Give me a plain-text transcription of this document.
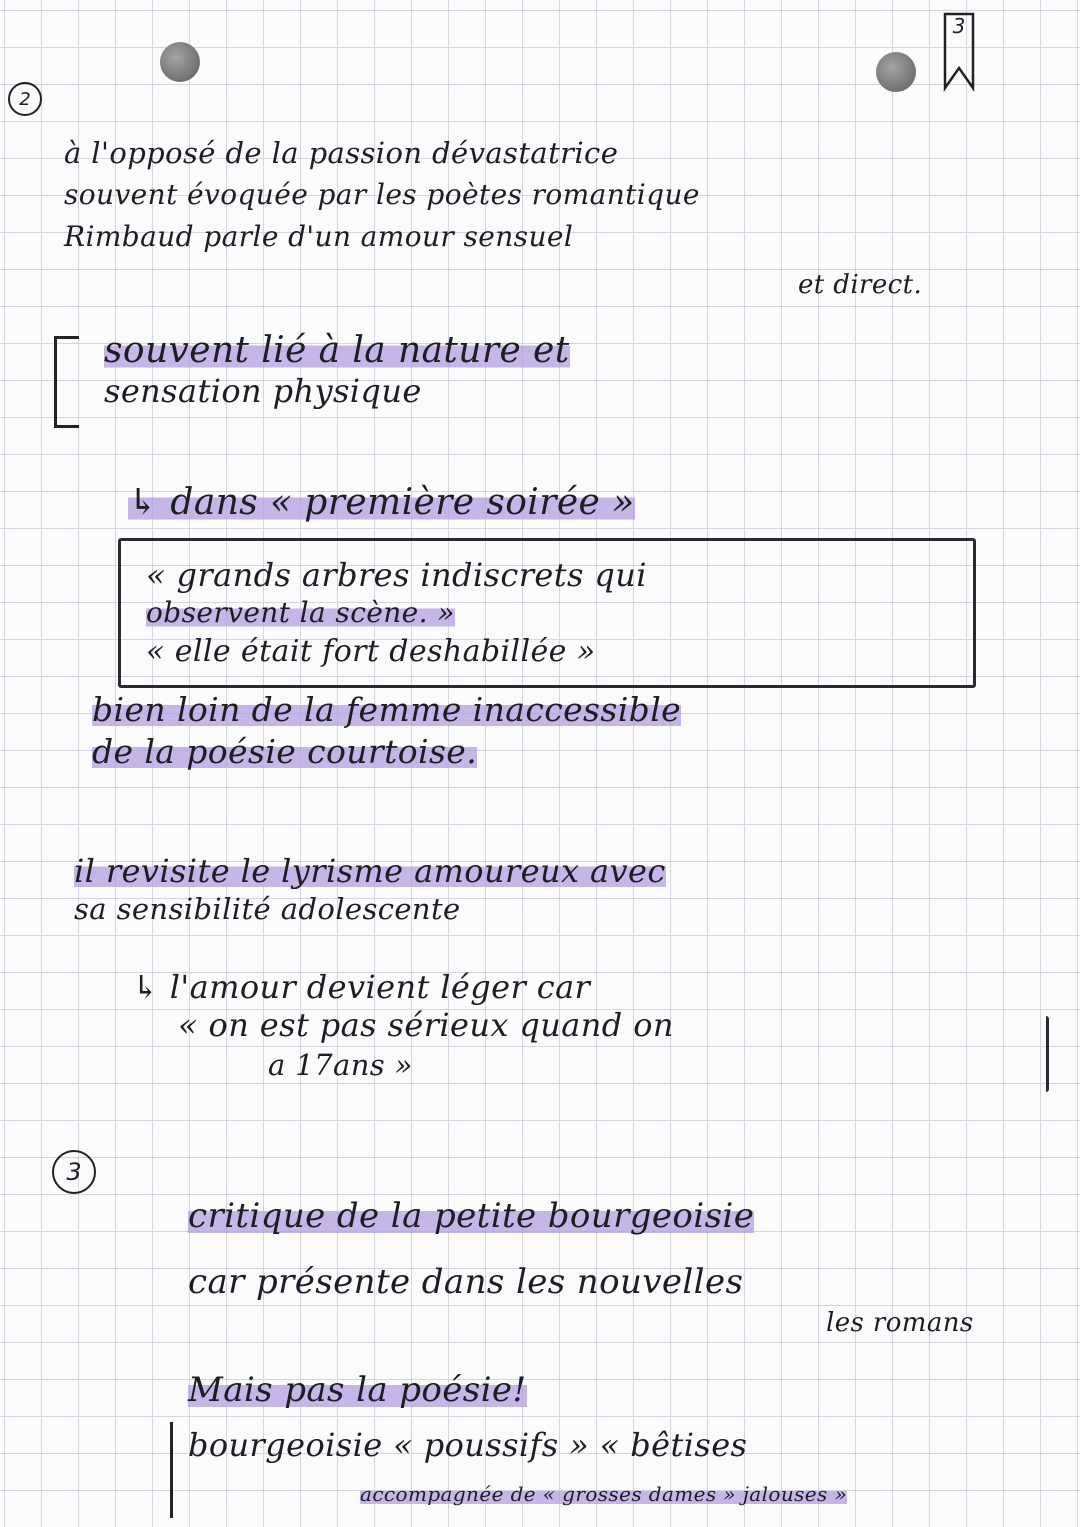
2
3
à l'opposé de la passion dévastatrice
souvent évoquée par les poètes romantique
Rimbaud parle d'un amour sensuel
et direct.
souvent lié à la nature et
sensation physique
↳ dans « première soirée »
« grands arbres indiscrets qui
observent la scène. »
« elle était fort deshabillée »
bien loin de la femme inaccessible
de la poésie courtoise.
il revisite le lyrisme amoureux avec
sa sensibilité adolescente
↳ l'amour devient léger car
« on est pas sérieux quand on
a 17ans »
3
critique de la petite bourgeoisie
car présente dans les nouvelles
les romans
Mais pas la poésie!
bourgeoisie « poussifs » « bêtises
accompagnée de « grosses dames » jalouses »
